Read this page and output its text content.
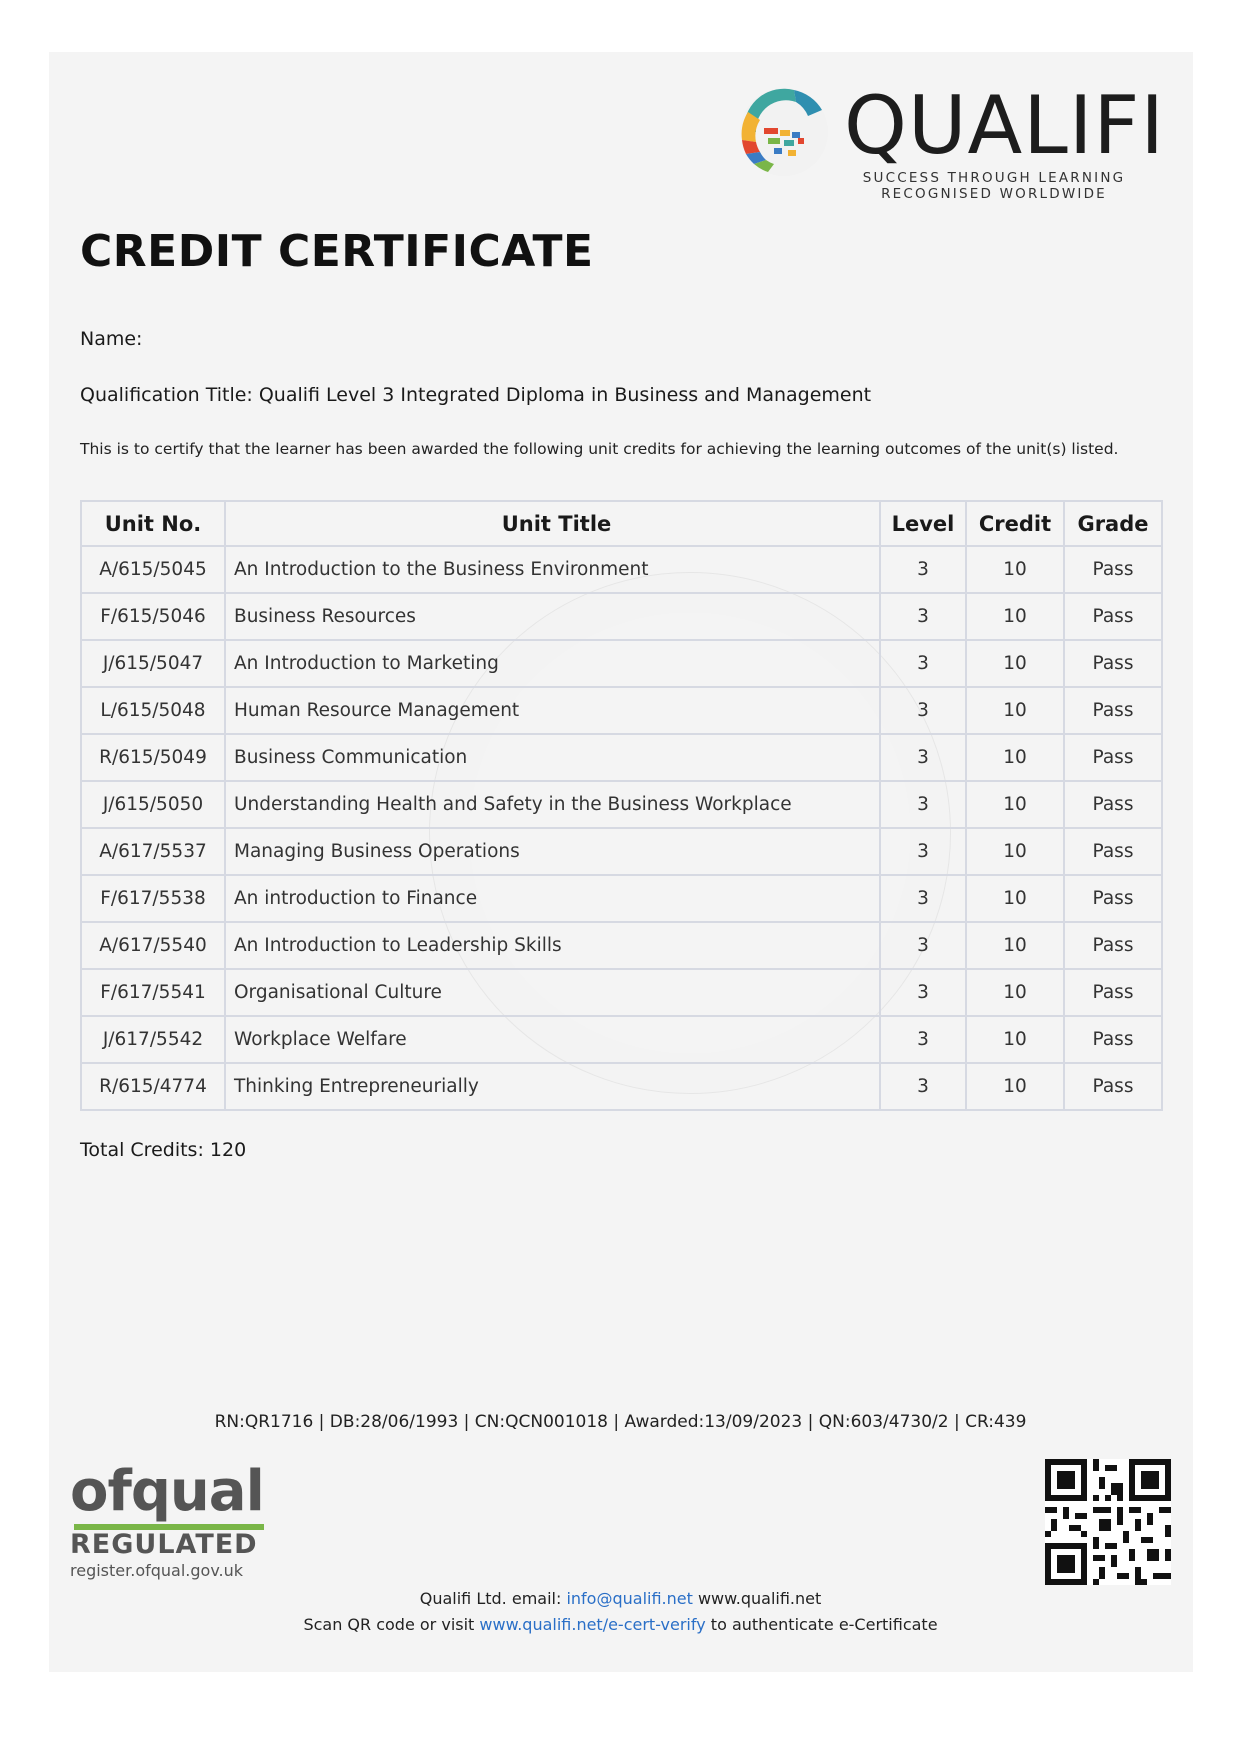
QUALIFI
SUCCESS THROUGH LEARNING
RECOGNISED WORLDWIDE
CREDIT CERTIFICATE
Name:
Qualification Title: Qualifi Level 3 Integrated Diploma in Business and Management
This is to certify that the learner has been awarded the following unit credits for achieving the learning outcomes of the unit(s) listed.
Unit No.	Unit Title	Level	Credit	Grade
A/615/5045	An Introduction to the Business Environment	3	10	Pass
F/615/5046	Business Resources	3	10	Pass
J/615/5047	An Introduction to Marketing	3	10	Pass
L/615/5048	Human Resource Management	3	10	Pass
R/615/5049	Business Communication	3	10	Pass
J/615/5050	Understanding Health and Safety in the Business Workplace	3	10	Pass
A/617/5537	Managing Business Operations	3	10	Pass
F/617/5538	An introduction to Finance	3	10	Pass
A/617/5540	An Introduction to Leadership Skills	3	10	Pass
F/617/5541	Organisational Culture	3	10	Pass
J/617/5542	Workplace Welfare	3	10	Pass
R/615/4774	Thinking Entrepreneurially	3	10	Pass
Total Credits: 120
RN:QR1716 | DB:28/06/1993 | CN:QCN001018 | Awarded:13/09/2023 | QN:603/4730/2 | CR:439
ofqual
REGULATED
register.ofqual.gov.uk
Qualifi Ltd. email: info@qualifi.net www.qualifi.net
Scan QR code or visit www.qualifi.net/e-cert-verify to authenticate e-Certificate
